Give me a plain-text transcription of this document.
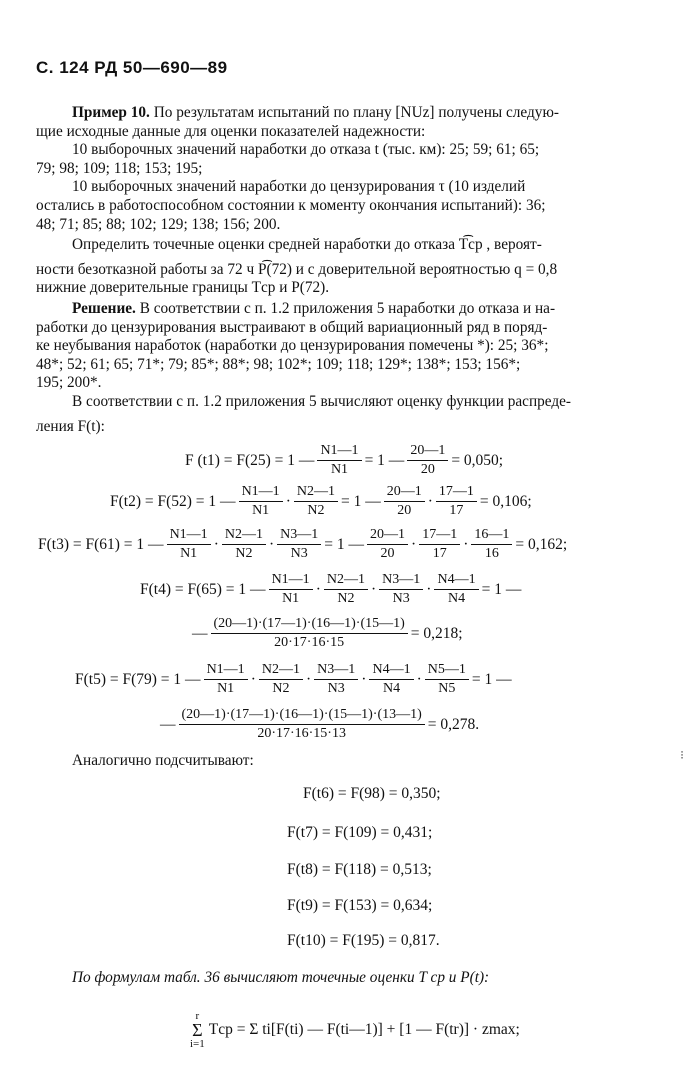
С. 124 РД 50—690—89
Пример 10. По результатам испытаний по плану [NUz] получены следую-
щие исходные данные для оценки показателей надежности:
10 выборочных значений наработки до отказа t (тыс. км): 25; 59; 61; 65;
79; 98; 109; 118; 153; 195;
10 выборочных значений наработки до цензурирования τ (10 изделий
остались в работоспособном состоянии к моменту окончания испытаний): 36;
48; 71; 85; 88; 102; 129; 138; 156; 200.
Определить точечные оценки средней наработки до отказа T͡ср , вероят-
ности безотказной работы за 72 ч P͡(72) и с доверительной вероятностью q = 0,8
нижние доверительные границы Tср и P(72).
Решение. В соответствии с п. 1.2 приложения 5 наработки до отказа и на-
работки до цензурирования выстраивают в общий вариационный ряд в поряд-
ке неубывания наработок (наработки до цензурирования помечены *): 25; 36*;
48*; 52; 61; 65; 71*; 79; 85*; 88*; 98; 102*; 109; 118; 129*; 138*; 153; 156*;
195; 200*.
В соответствии с п. 1.2 приложения 5 вычисляют оценку функции распреде-
ления F(t):
F (t1) = F(25) = 1 — $\frac{N1—1}{N1} = 1$ — $\frac{20—1}{20} = 0,050$;
F(t2) = F(52) = 1 — $\frac{N1—1}{N1} \cdot \frac{N2—1}{N2} = 1$ — $\frac{20—1}{20} \cdot \frac{17—1}{17} = 0,106$;
F(t3) = F(61) = 1 — $\frac{N1—1}{N1} \cdot \frac{N2—1}{N2} \cdot \frac{N3—1}{N3} = 1$ — $\frac{20—1}{20} \cdot \frac{17—1}{17} \cdot \frac{16—1}{16} = 0,162$;
F(t4) = F(65) = 1 — $\frac{N1—1}{N1} \cdot \frac{N2—1}{N2} \cdot \frac{N3—1}{N3} \cdot \frac{N4—1}{N4} = 1$ —
— $\frac{(20—1)\cdot(17—1)\cdot(16—1)\cdot(15—1)}{20\cdot 17\cdot 16\cdot 15} = 0,218$;
F(t5) = F(79) = 1 — $\frac{N1—1}{N1} \cdot \frac{N2—1}{N2} \cdot \frac{N3—1}{N3} \cdot \frac{N4—1}{N4} \cdot \frac{N5—1}{N5} = 1$ —
— $\frac{(20—1)\cdot(17—1)\cdot(16—1)\cdot(15—1)\cdot(13—1)}{20\cdot 17\cdot 16\cdot 15\cdot 13} = 0,278$.
Аналогично подсчитывают:	⁝
F(t6) = F(98) = 0,350;
F(t7) = F(109) = 0,431;
F(t8) = F(118) = 0,513;
F(t9) = F(153) = 0,634;
F(t10) = F(195) = 0,817.
По формулам табл. 36 вычисляют точечные оценки T ср и P(t):
r
Σ
i=1
Tср = Σ ti[F(ti) — F(ti—1)] + [1 — F(tr)] · zmax;
